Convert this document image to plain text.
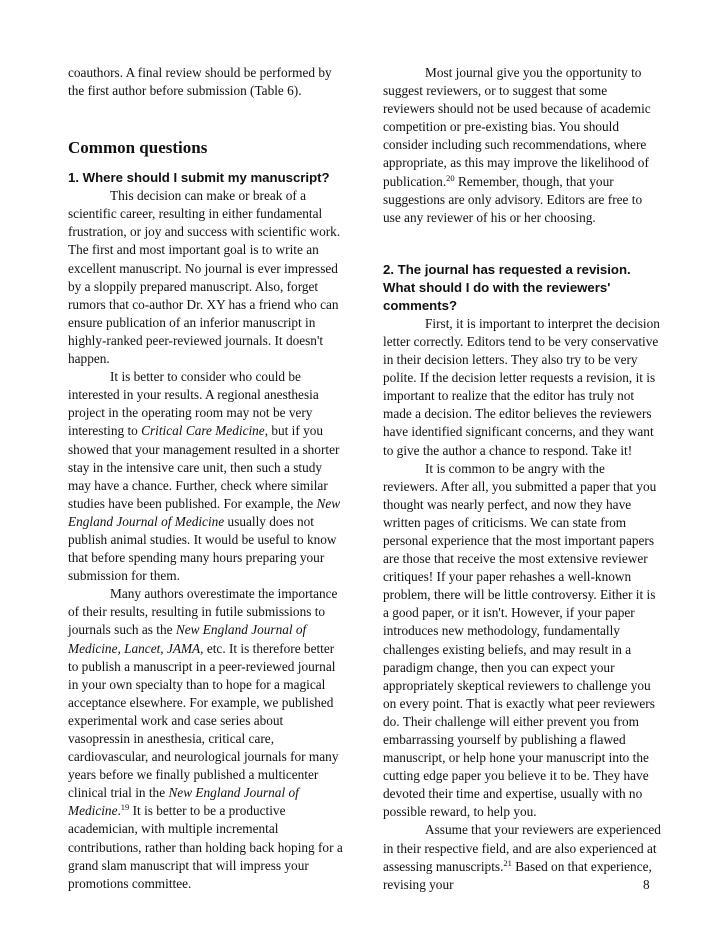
coauthors. A final review should be performed by the first author before submission (Table 6).

Common questions
1. Where should I submit my manuscript?

This decision can make or break of a scientific career, resulting in either fundamental frustration, or joy and success with scientific work. The first and most important goal is to write an excellent manuscript. No journal is ever impressed by a sloppily prepared manuscript. Also, forget rumors that co-author Dr. XY has a friend who can ensure publication of an inferior manuscript in highly-ranked peer-reviewed journals. It doesn't happen.

It is better to consider who could be interested in your results. A regional anesthesia project in the operating room may not be very interesting to Critical Care Medicine, but if you showed that your management resulted in a shorter stay in the intensive care unit, then such a study may have a chance. Further, check where similar studies have been published. For example, the New England Journal of Medicine usually does not publish animal studies. It would be useful to know that before spending many hours preparing your submission for them.

Many authors overestimate the importance of their results, resulting in futile submissions to journals such as the New England Journal of Medicine, Lancet, JAMA, etc. It is therefore better to publish a manuscript in a peer-reviewed journal in your own specialty than to hope for a magical acceptance elsewhere. For example, we published experimental work and case series about vasopressin in anesthesia, critical care, cardiovascular, and neurological journals for many years before we finally published a multicenter clinical trial in the New England Journal of Medicine.$^{19}$ It is better to be a productive academician, with multiple incremental contributions, rather than holding back hoping for a grand slam manuscript that will impress your promotions committee.

Most journal give you the opportunity to suggest reviewers, or to suggest that some reviewers should not be used because of academic competition or pre-existing bias. You should consider including such recommendations, where appropriate, as this may improve the likelihood of publication.$^{20}$ Remember, though, that your suggestions are only advisory. Editors are free to use any reviewer of his or her choosing.

2. The journal has requested a revision. What should I do with the reviewers' comments?

First, it is important to interpret the decision letter correctly. Editors tend to be very conservative in their decision letters. They also try to be very polite. If the decision letter requests a revision, it is important to realize that the editor has truly not made a decision. The editor believes the reviewers have identified significant concerns, and they want to give the author a chance to respond. Take it!

It is common to be angry with the reviewers. After all, you submitted a paper that you thought was nearly perfect, and now they have written pages of criticisms. We can state from personal experience that the most important papers are those that receive the most extensive reviewer critiques! If your paper rehashes a well-known problem, there will be little controversy. Either it is a good paper, or it isn't. However, if your paper introduces new methodology, fundamentally challenges existing beliefs, and may result in a paradigm change, then you can expect your appropriately skeptical reviewers to challenge you on every point. That is exactly what peer reviewers do. Their challenge will either prevent you from embarrassing yourself by publishing a flawed manuscript, or help hone your manuscript into the cutting edge paper you believe it to be. They have devoted their time and expertise, usually with no possible reward, to help you.

Assume that your reviewers are experienced in their respective field, and are also experienced at assessing manuscripts.$^{21}$ Based on that experience, revising your	8
